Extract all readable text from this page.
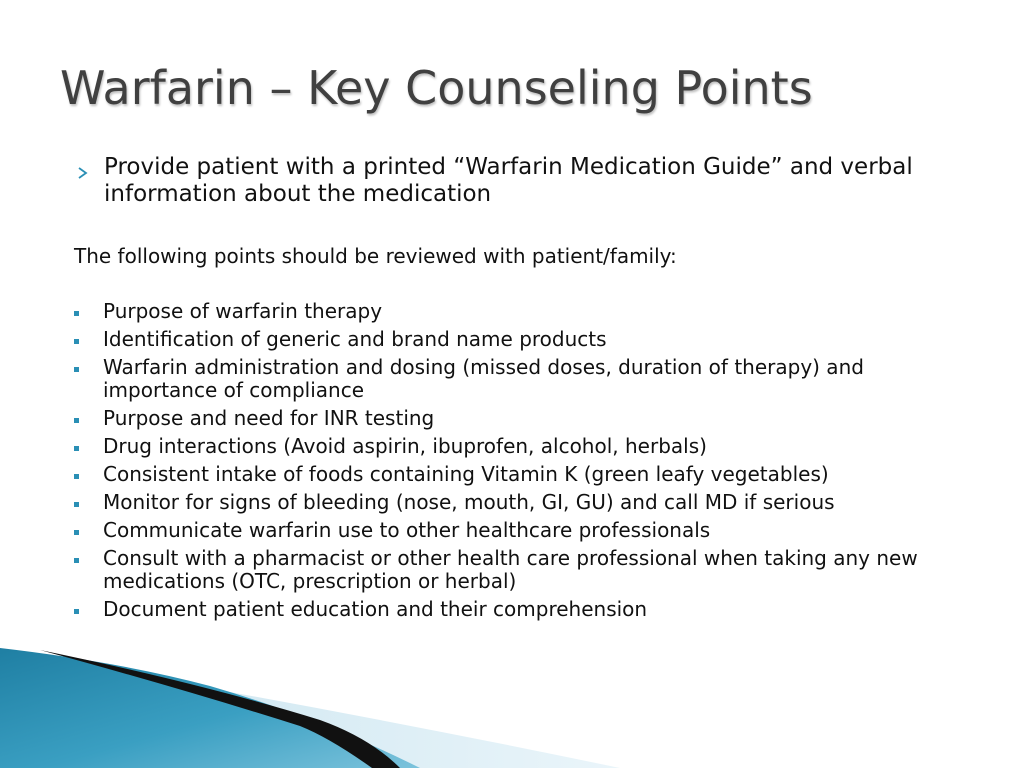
Warfarin – Key Counseling Points
Provide patient with a printed “Warfarin Medication Guide” and verbal information about the medication
The following points should be reviewed with patient/family:
Purpose of warfarin therapy
Identification of generic and brand name products
Warfarin administration and dosing (missed doses, duration of therapy) and importance of compliance
Purpose and need for INR testing
Drug interactions (Avoid aspirin, ibuprofen, alcohol, herbals)
Consistent intake of foods containing Vitamin K (green leafy vegetables)
Monitor for signs of bleeding (nose, mouth, GI, GU) and call MD if serious
Communicate warfarin use to other healthcare professionals
Consult with a pharmacist or other health care professional when taking any new medications (OTC, prescription or herbal)
Document patient education and their comprehension
